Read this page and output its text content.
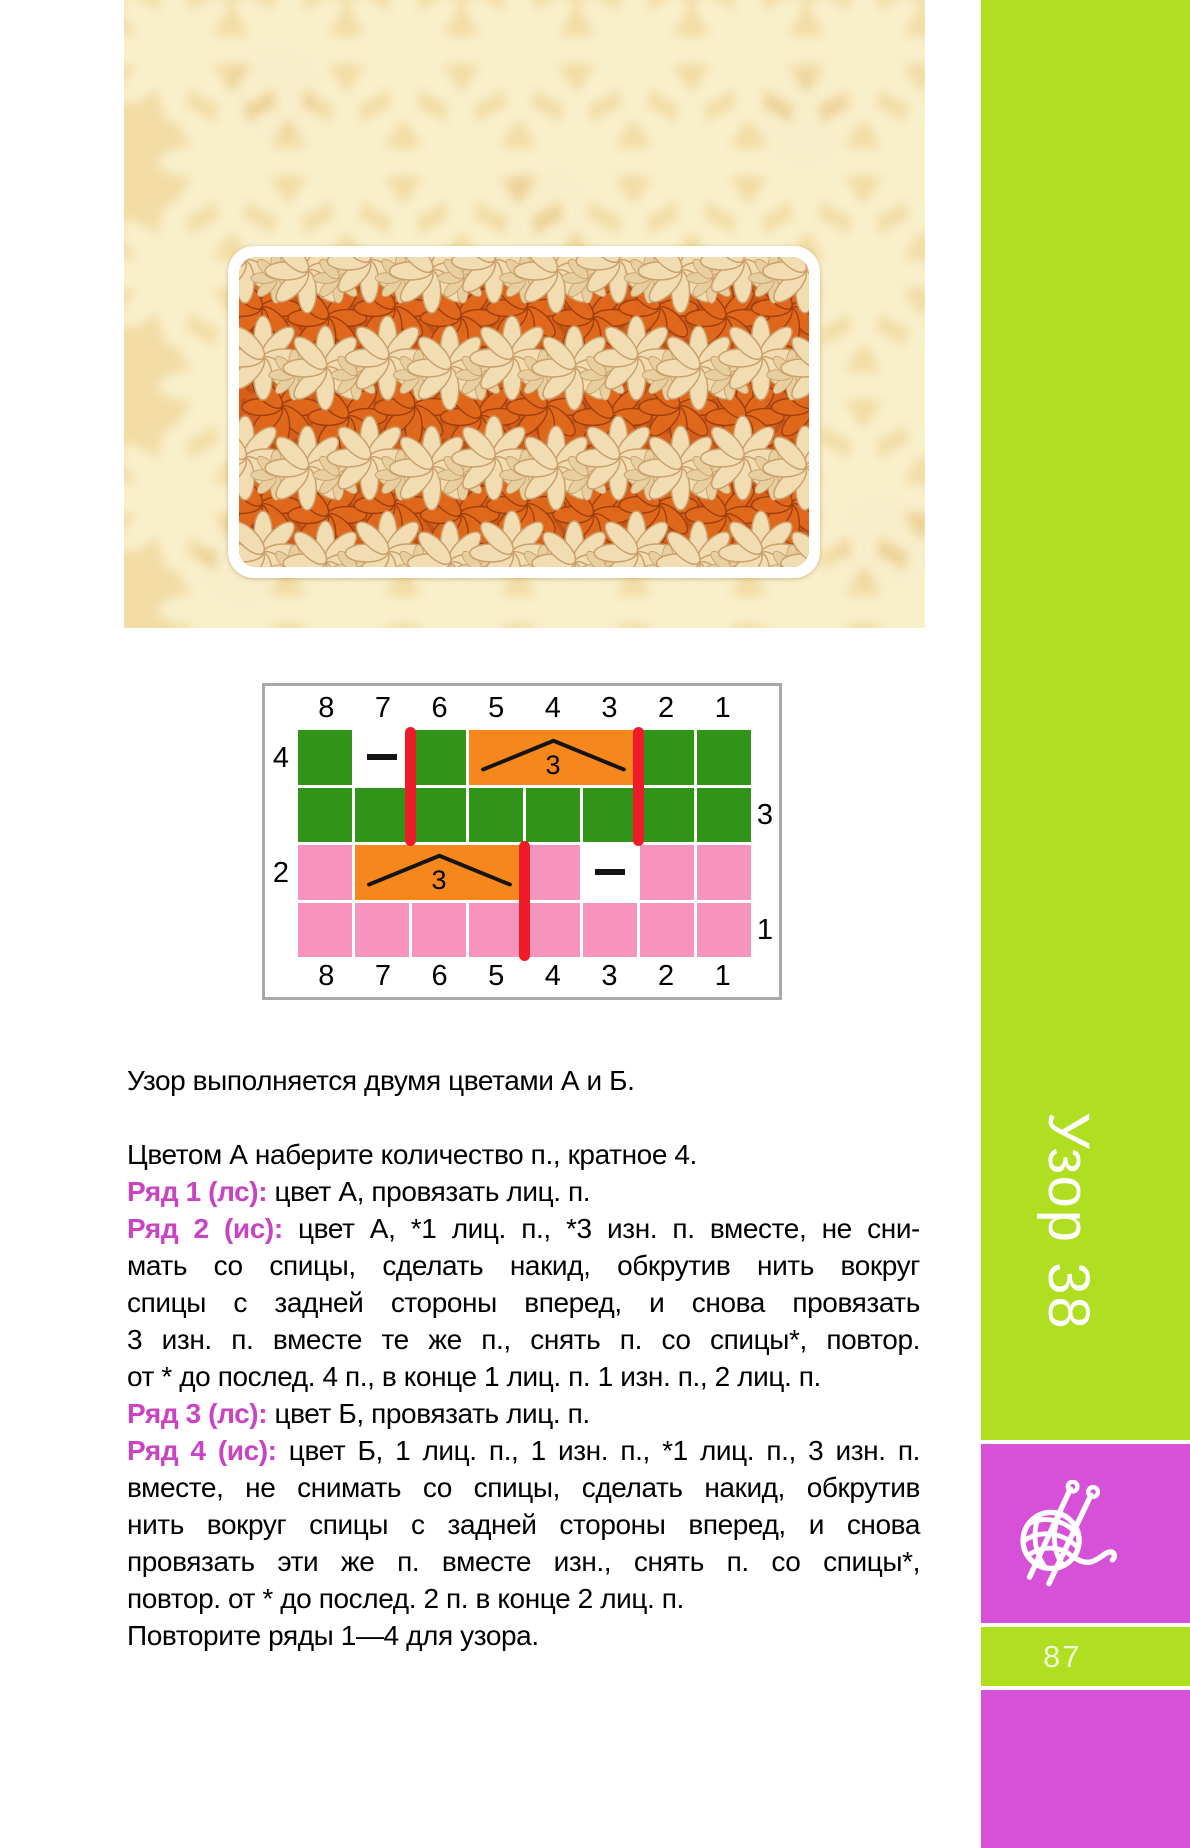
8	7	6	5	4	3	2	1
3
3
8	7	6	5	4	3	2	1
4
3
2
1
Узор выполняется двумя цветами А и Б.
Цветом А наберите количество п., кратное 4.
Ряд 1 (лс): цвет А, провязать лиц. п.
Ряд 2 (ис): цвет А, *1 лиц. п., *3 изн. п. вместе, не сни-
мать со спицы, сделать накид, обкрутив нить вокруг
спицы с задней стороны вперед, и снова провязать
3 изн. п. вместе те же п., снять п. со спицы*, повтор.
от * до послед. 4 п., в конце 1 лиц. п. 1 изн. п., 2 лиц. п.
Ряд 3 (лс): цвет Б, провязать лиц. п.
Ряд 4 (ис): цвет Б, 1 лиц. п., 1 изн. п., *1 лиц. п., 3 изн. п.
вместе, не снимать со спицы, сделать накид, обкрутив
нить вокруг спицы с задней стороны вперед, и снова
провязать эти же п. вместе изн., снять п. со спицы*,
повтор. от * до послед. 2 п. в конце 2 лиц. п.
Повторите ряды 1—4 для узора.
Узор 38
87
